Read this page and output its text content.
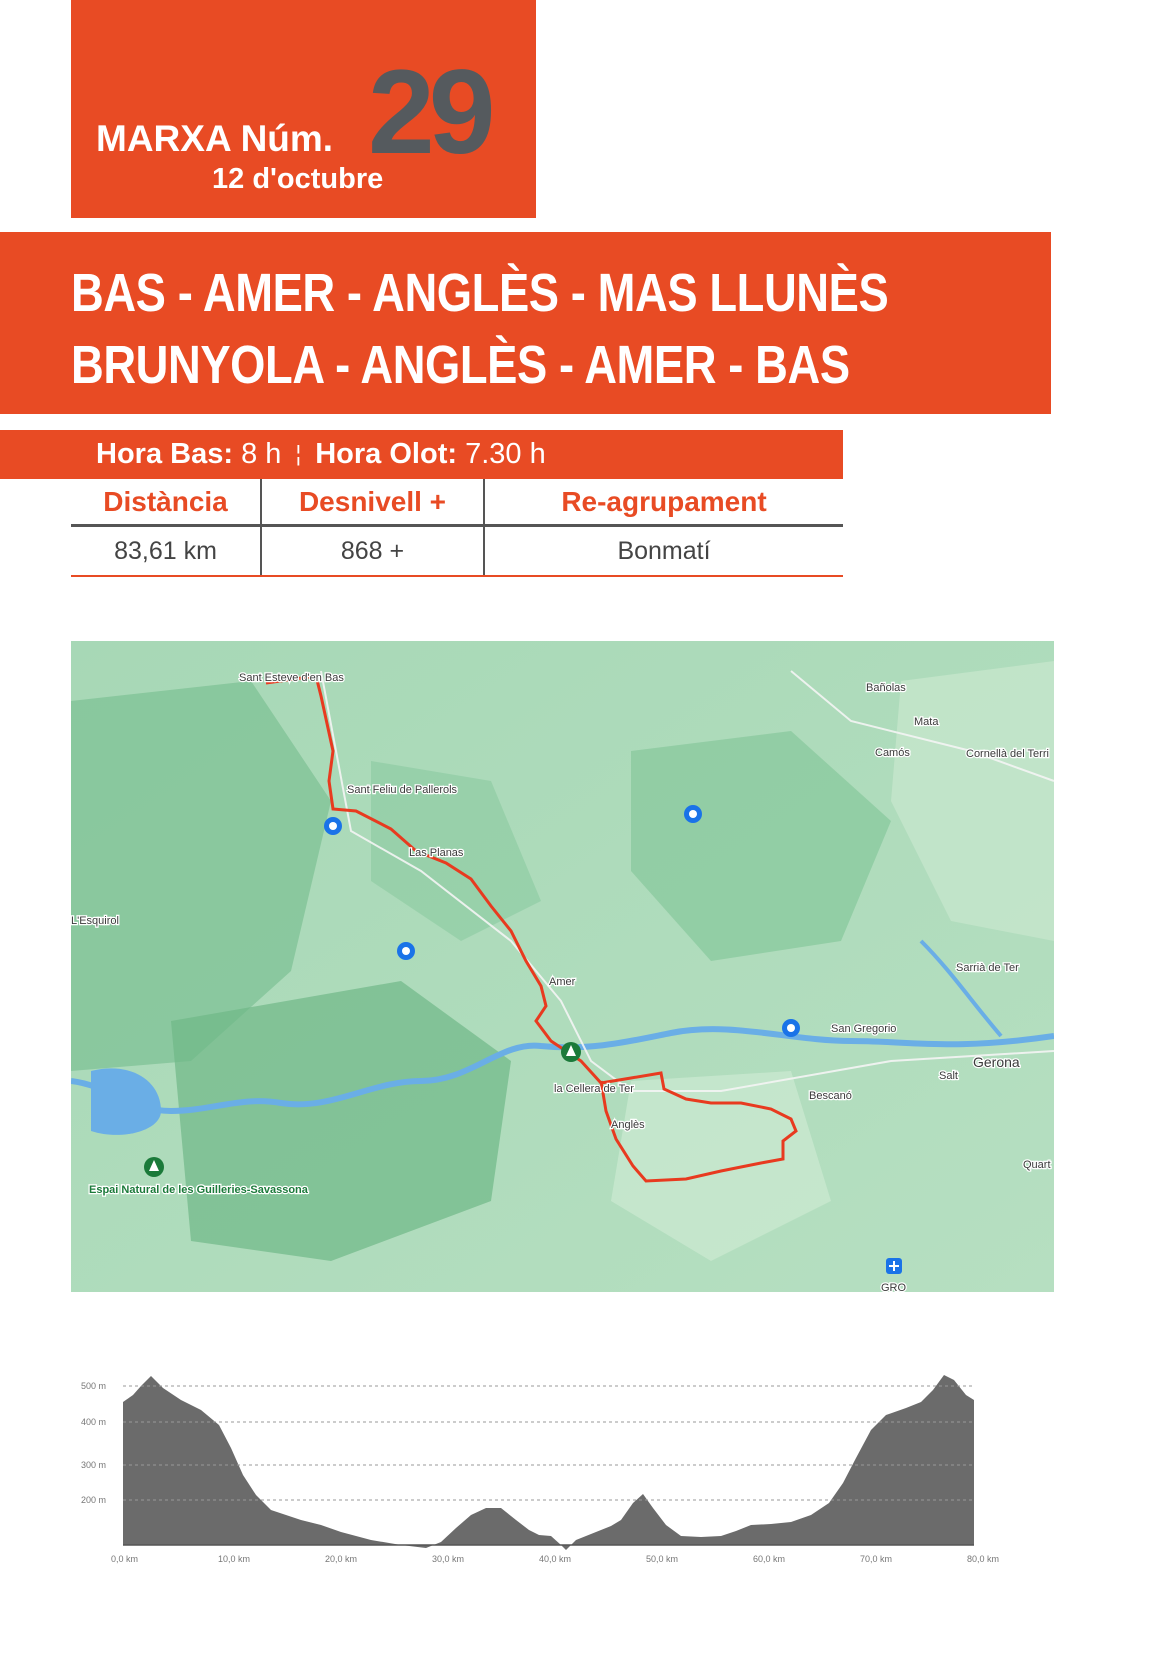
MARXA Núm. 29
12 d'octubre
BAS - AMER - ANGLÈS - MAS LLUNÈS
BRUNYOLA - ANGLÈS - AMER - BAS
Hora Bas: 8 h ¦ Hora Olot: 7.30 h
Distància	Desnivell +	Re-agrupament
83,61 km	868 +	Bonmatí
Sant Esteve d'en Bas
Sant Feliu de Pallerols
Las Planas
L'Esquirol
Amer
la Cellera de Ter
Anglès
Bañolas
Mata
Camós	Cornellà del Terri
Sarrià de Ter
San Gregorio
Salt
Bescanó
Quart
GRO
Gerona
Espai Natural de les Guilleries-Savassona
200 m
300 m
400 m
500 m
0,0 km	10,0 km	20,0 km	30,0 km	40,0 km	50,0 km	60,0 km	70,0 km	80,0 km
